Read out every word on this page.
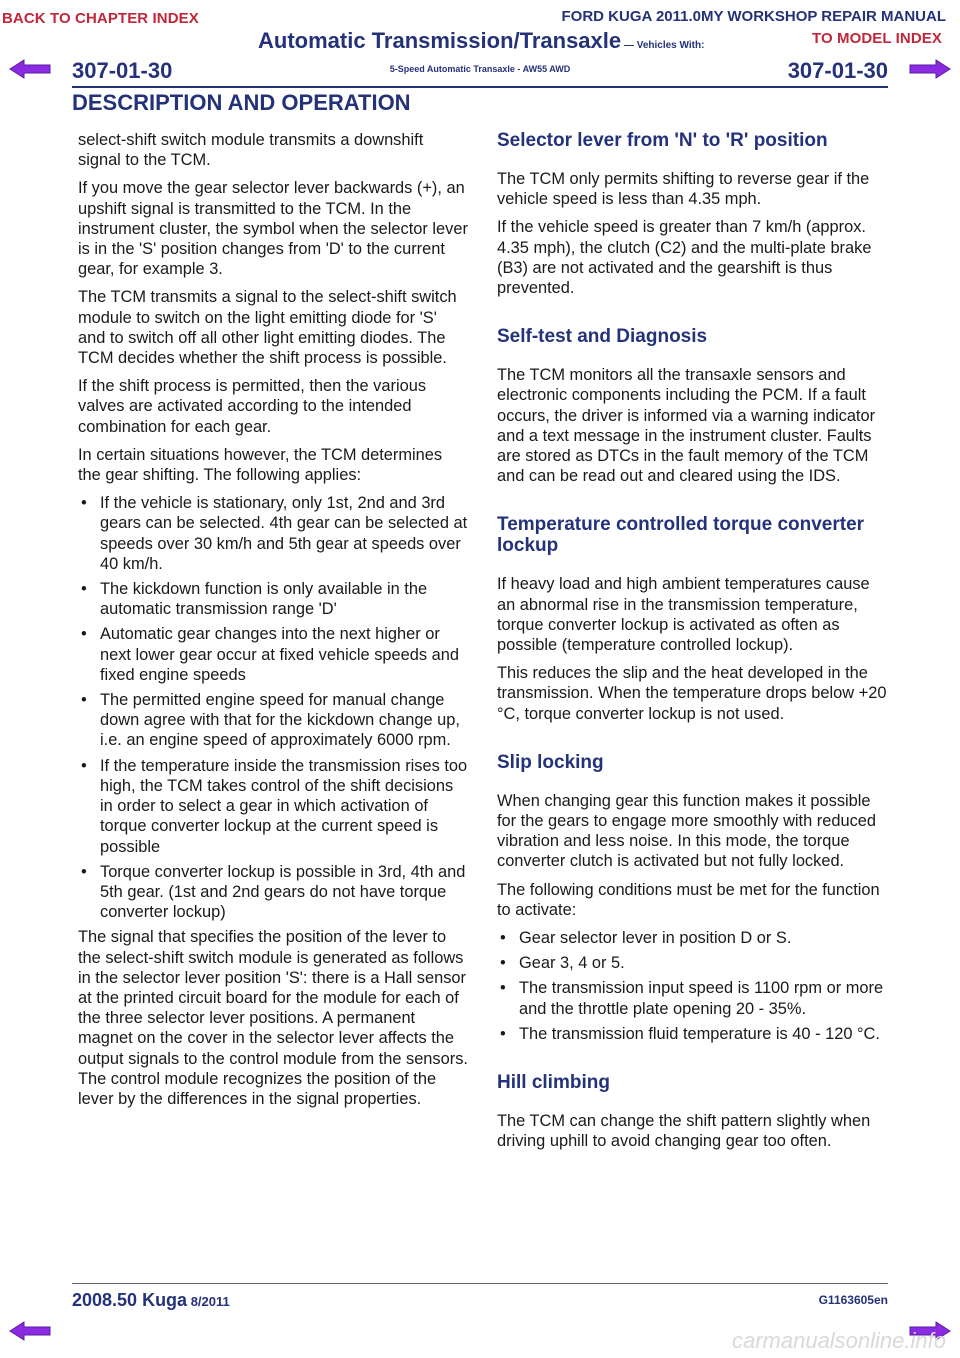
BACK TO CHAPTER INDEX	FORD KUGA 2011.0MY WORKSHOP REPAIR MANUAL
TO MODEL INDEX
Automatic Transmission/Transaxle — Vehicles With:
5-Speed Automatic Transaxle - AW55 AWD
307-01-30	307-01-30
DESCRIPTION AND OPERATION

select-shift switch module transmits a downshift signal to the TCM.

If you move the gear selector lever backwards (+), an upshift signal is transmitted to the TCM. In the instrument cluster, the symbol when the selector lever is in the 'S' position changes from 'D' to the current gear, for example 3.

The TCM transmits a signal to the select-shift switch module to switch on the light emitting diode for 'S' and to switch off all other light emitting diodes. The TCM decides whether the shift process is possible.

If the shift process is permitted, then the various valves are activated according to the intended combination for each gear.

In certain situations however, the TCM determines the gear shifting. The following applies:

• If the vehicle is stationary, only 1st, 2nd and 3rd gears can be selected. 4th gear can be selected at speeds over 30 km/h and 5th gear at speeds over 40 km/h.
• The kickdown function is only available in the automatic transmission range 'D'
• Automatic gear changes into the next higher or next lower gear occur at fixed vehicle speeds and fixed engine speeds
• The permitted engine speed for manual change down agree with that for the kickdown change up, i.e. an engine speed of approximately 6000 rpm.
• If the temperature inside the transmission rises too high, the TCM takes control of the shift decisions in order to select a gear in which activation of torque converter lockup at the current speed is possible
• Torque converter lockup is possible in 3rd, 4th and 5th gear. (1st and 2nd gears do not have torque converter lockup)

The signal that specifies the position of the lever to the select-shift switch module is generated as follows in the selector lever position 'S': there is a Hall sensor at the printed circuit board for the module for each of the three selector lever positions. A permanent magnet on the cover in the selector lever affects the output signals to the control module from the sensors. The control module recognizes the position of the lever by the differences in the signal properties.

Selector lever from 'N' to 'R' position

The TCM only permits shifting to reverse gear if the vehicle speed is less than 4.35 mph.

If the vehicle speed is greater than 7 km/h (approx. 4.35 mph), the clutch (C2) and the multi-plate brake (B3) are not activated and the gearshift is thus prevented.

Self-test and Diagnosis

The TCM monitors all the transaxle sensors and electronic components including the PCM. If a fault occurs, the driver is informed via a warning indicator and a text message in the instrument cluster. Faults are stored as DTCs in the fault memory of the TCM and can be read out and cleared using the IDS.

Temperature controlled torque converter lockup

If heavy load and high ambient temperatures cause an abnormal rise in the transmission temperature, torque converter lockup is activated as often as possible (temperature controlled lockup).

This reduces the slip and the heat developed in the transmission. When the temperature drops below +20 °C, torque converter lockup is not used.

Slip locking

When changing gear this function makes it possible for the gears to engage more smoothly with reduced vibration and less noise. In this mode, the torque converter clutch is activated but not fully locked.

The following conditions must be met for the function to activate:

• Gear selector lever in position D or S.
• Gear 3, 4 or 5.
• The transmission input speed is 1100 rpm or more and the throttle plate opening 20 - 35%.
• The transmission fluid temperature is 40 - 120 °C.
Hill climbing

The TCM can change the shift pattern slightly when driving uphill to avoid changing gear too often.

2008.50 Kuga 8/2011	G1163605en
carmanualsonline.info
